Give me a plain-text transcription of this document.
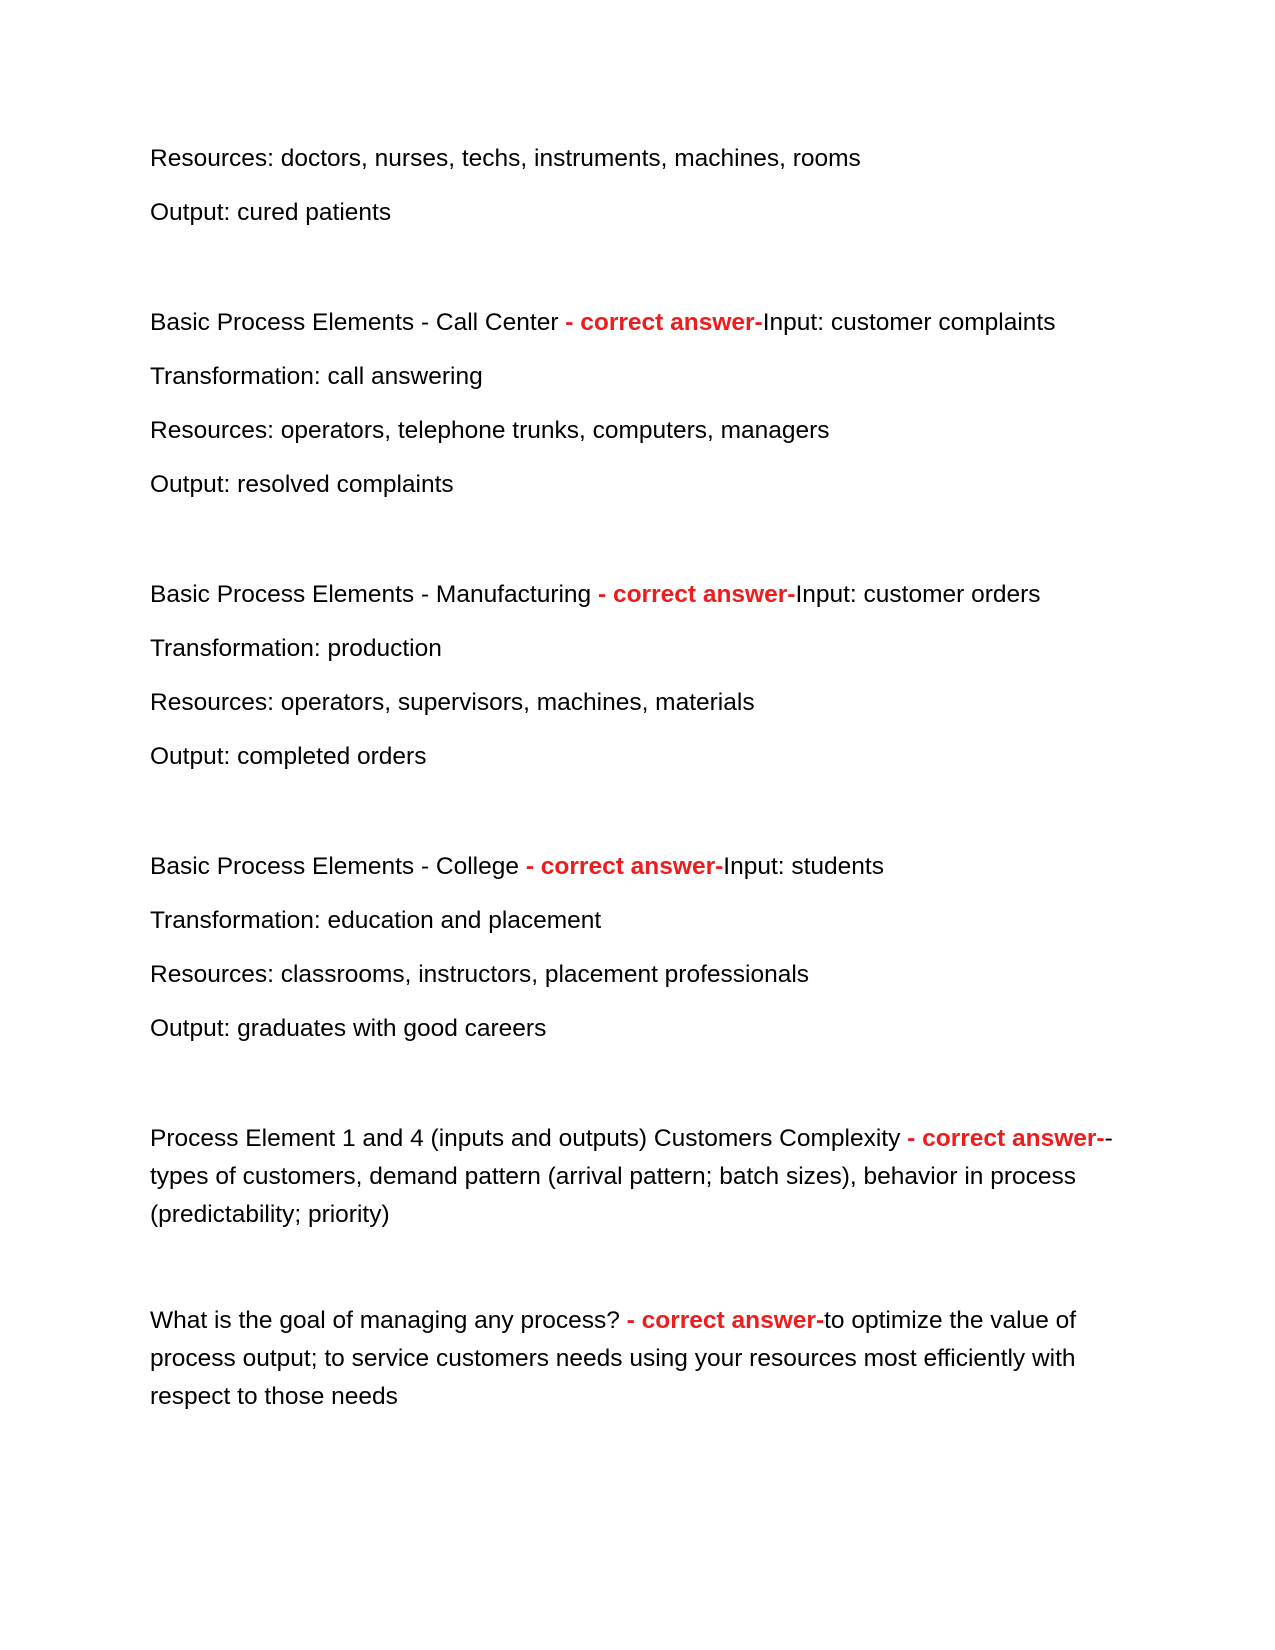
Resources: doctors, nurses, techs, instruments, machines, rooms

Output: cured patients

Basic Process Elements - Call Center - correct answer-Input: customer complaints

Transformation: call answering

Resources: operators, telephone trunks, computers, managers

Output: resolved complaints

Basic Process Elements - Manufacturing - correct answer-Input: customer orders

Transformation: production

Resources: operators, supervisors, machines, materials

Output: completed orders

Basic Process Elements - College - correct answer-Input: students

Transformation: education and placement

Resources: classrooms, instructors, placement professionals

Output: graduates with good careers

Process Element 1 and 4 (inputs and outputs) Customers Complexity - correct answer--types of customers, demand pattern (arrival pattern; batch sizes), behavior in process (predictability; priority)

What is the goal of managing any process? - correct answer-to optimize the value of process output; to service customers needs using your resources most efficiently with respect to those needs
